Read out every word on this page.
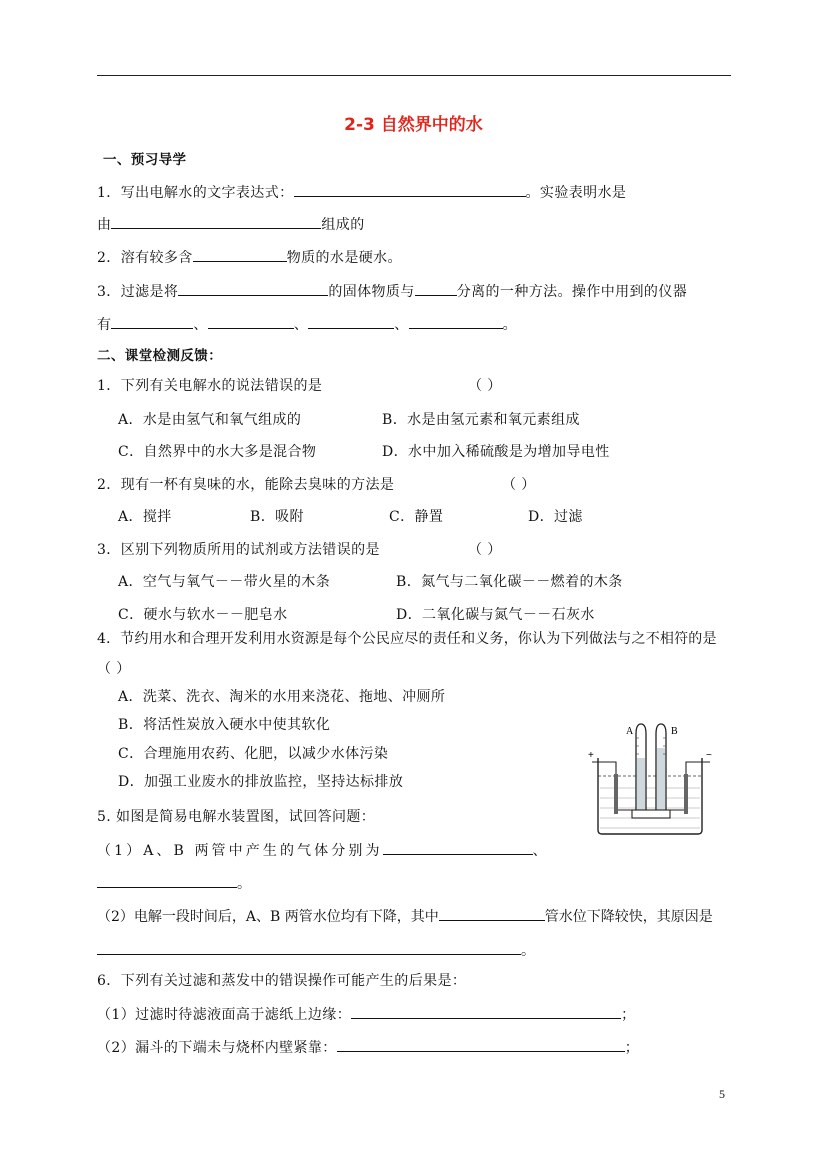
2-3 自然界中的水
一、预习导学
1．写出电解水的文字表达式：	。实验表明水是
由	组成的
2．溶有较多含	物质的水是硬水。
3．过滤是将	的固体物质与	分离的一种方法。操作中用到的仪器
有	、	、	、	。
二、课堂检测反馈：
1．下列有关电解水的说法错误的是	（ ）
A．水是由氢气和氧气组成的	B．水是由氢元素和氧元素组成
C．自然界中的水大多是混合物	D．水中加入稀硫酸是为增加导电性
2．现有一杯有臭味的水，能除去臭味的方法是	（ ）
A．搅拌	B．吸附	C．静置	D．过滤
3．区别下列物质所用的试剂或方法错误的是	（ ）
A．空气与氧气－－带火星的木条	B．氮气与二氧化碳－－燃着的木条
C．硬水与软水－－肥皂水	D．二氧化碳与氮气－－石灰水
4．节约用水和合理开发利用水资源是每个公民应尽的责任和义务，你认为下列做法与之不相符的是
（ ）
A．洗菜、洗衣、淘米的水用来浇花、拖地、冲厕所
B．将活性炭放入硬水中使其软化
C．合理施用农药、化肥，以减少水体污染
D．加强工业废水的排放监控，坚持达标排放
A	B
+	−
5. 如图是简易电解水装置图，试回答问题：
（1）A、B 两管中产生的气体分别为	、
。
（2）电解一段时间后，A、B 两管水位均有下降，其中	管水位下降较快，其原因是
。
6．下列有关过滤和蒸发中的错误操作可能产生的后果是：
（1）过滤时待滤液面高于滤纸上边缘：	；
（2）漏斗的下端未与烧杯内壁紧靠：	；
5
